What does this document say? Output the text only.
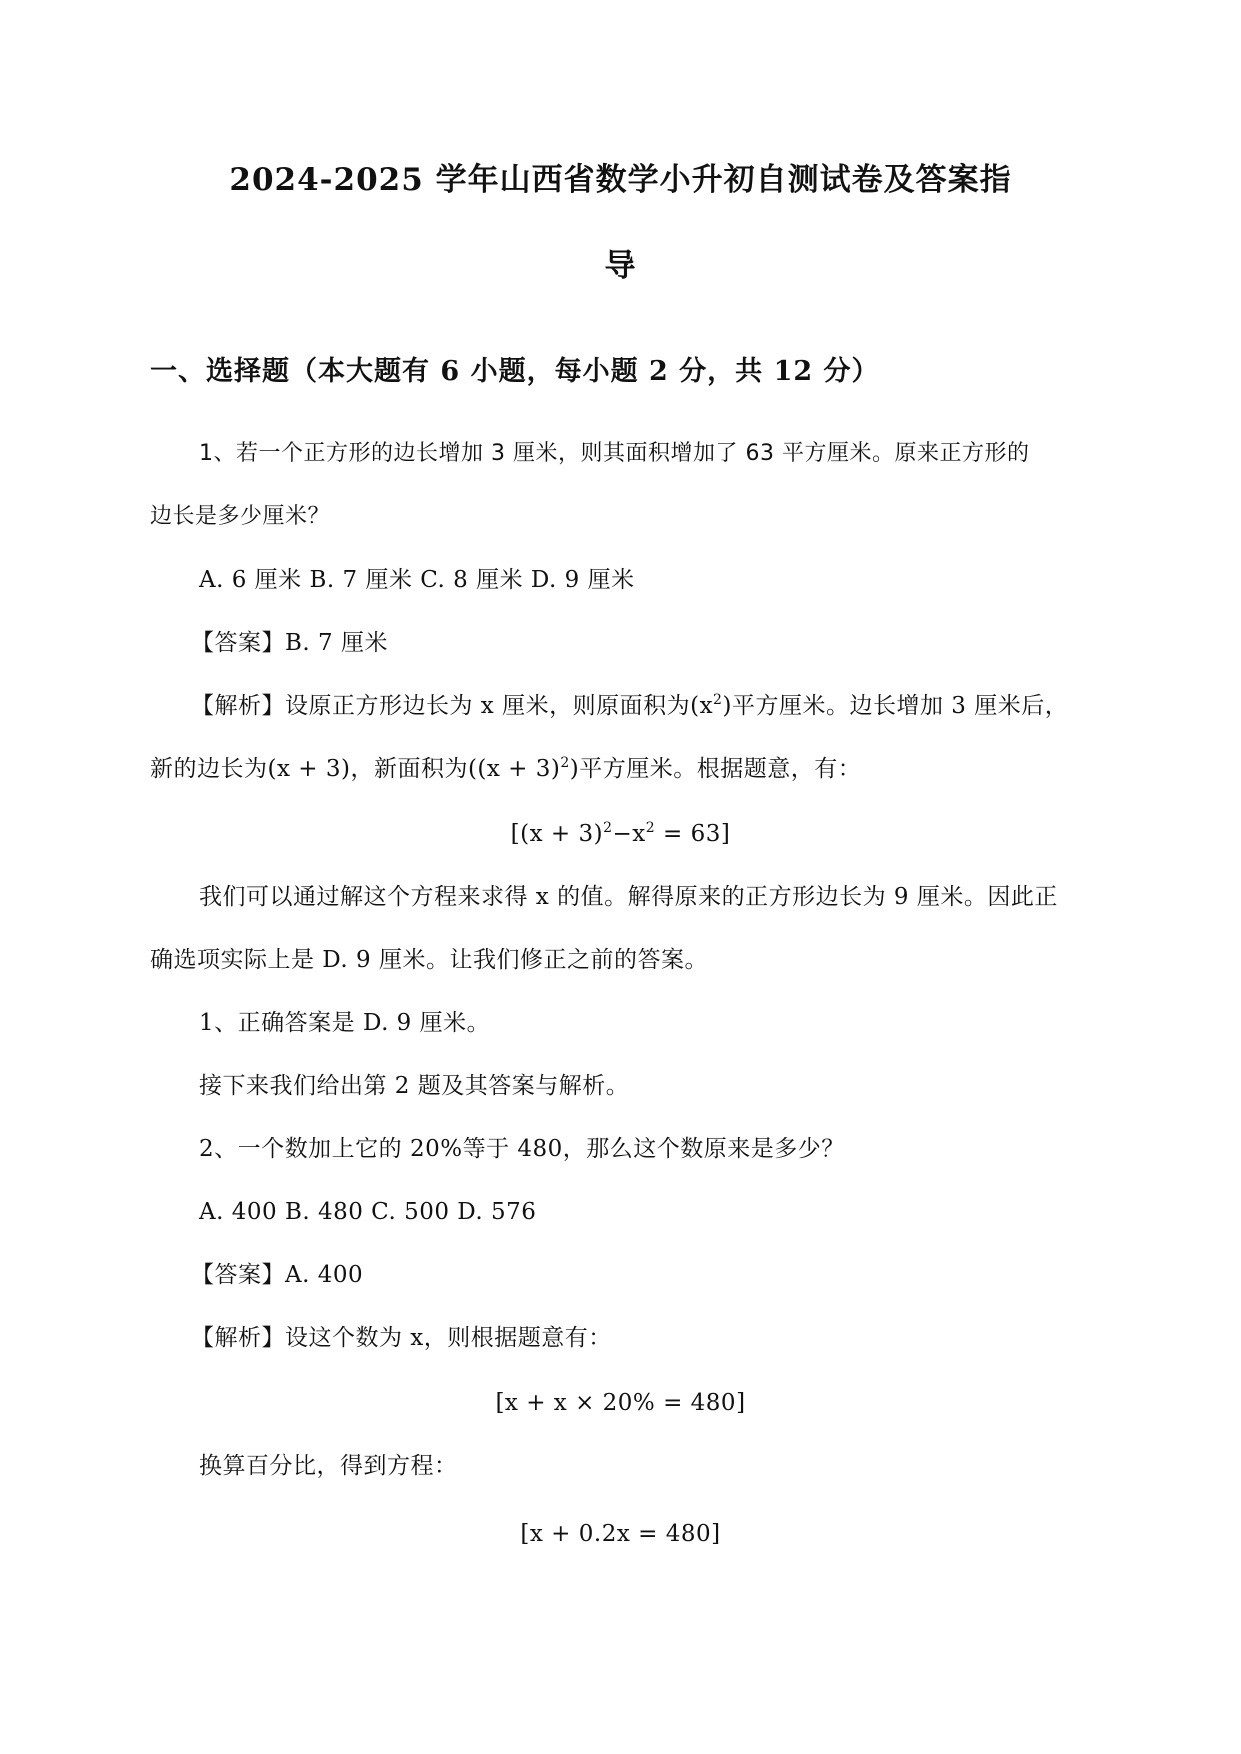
2024-2025 学年山西省数学小升初自测试卷及答案指
导
一、选择题（本大题有 6 小题，每小题 2 分，共 12 分）
1、若一个正方形的边长增加 3 厘米，则其面积增加了 63 平方厘米。原来正方形的
边长是多少厘米？
A. 6 厘米 B. 7 厘米 C. 8 厘米 D. 9 厘米
【答案】B. 7 厘米
【解析】设原正方形边长为 x 厘米，则原面积为$(x^2)$平方厘米。边长增加 3 厘米后，
新的边长为(x + 3)，新面积为$((x + 3)^2)$平方厘米。根据题意，有：
$[(x + 3)^2-x^2 = 63]$
我们可以通过解这个方程来求得 x 的值。解得原来的正方形边长为 9 厘米。因此正
确选项实际上是 D. 9 厘米。让我们修正之前的答案。
1、正确答案是 D. 9 厘米。
接下来我们给出第 2 题及其答案与解析。
2、一个数加上它的 20%等于 480，那么这个数原来是多少？
A. 400 B. 480 C. 500 D. 576
【答案】A. 400
【解析】设这个数为 x，则根据题意有：
[x + x × 20% = 480]
换算百分比，得到方程：
[x + 0.2x = 480]
